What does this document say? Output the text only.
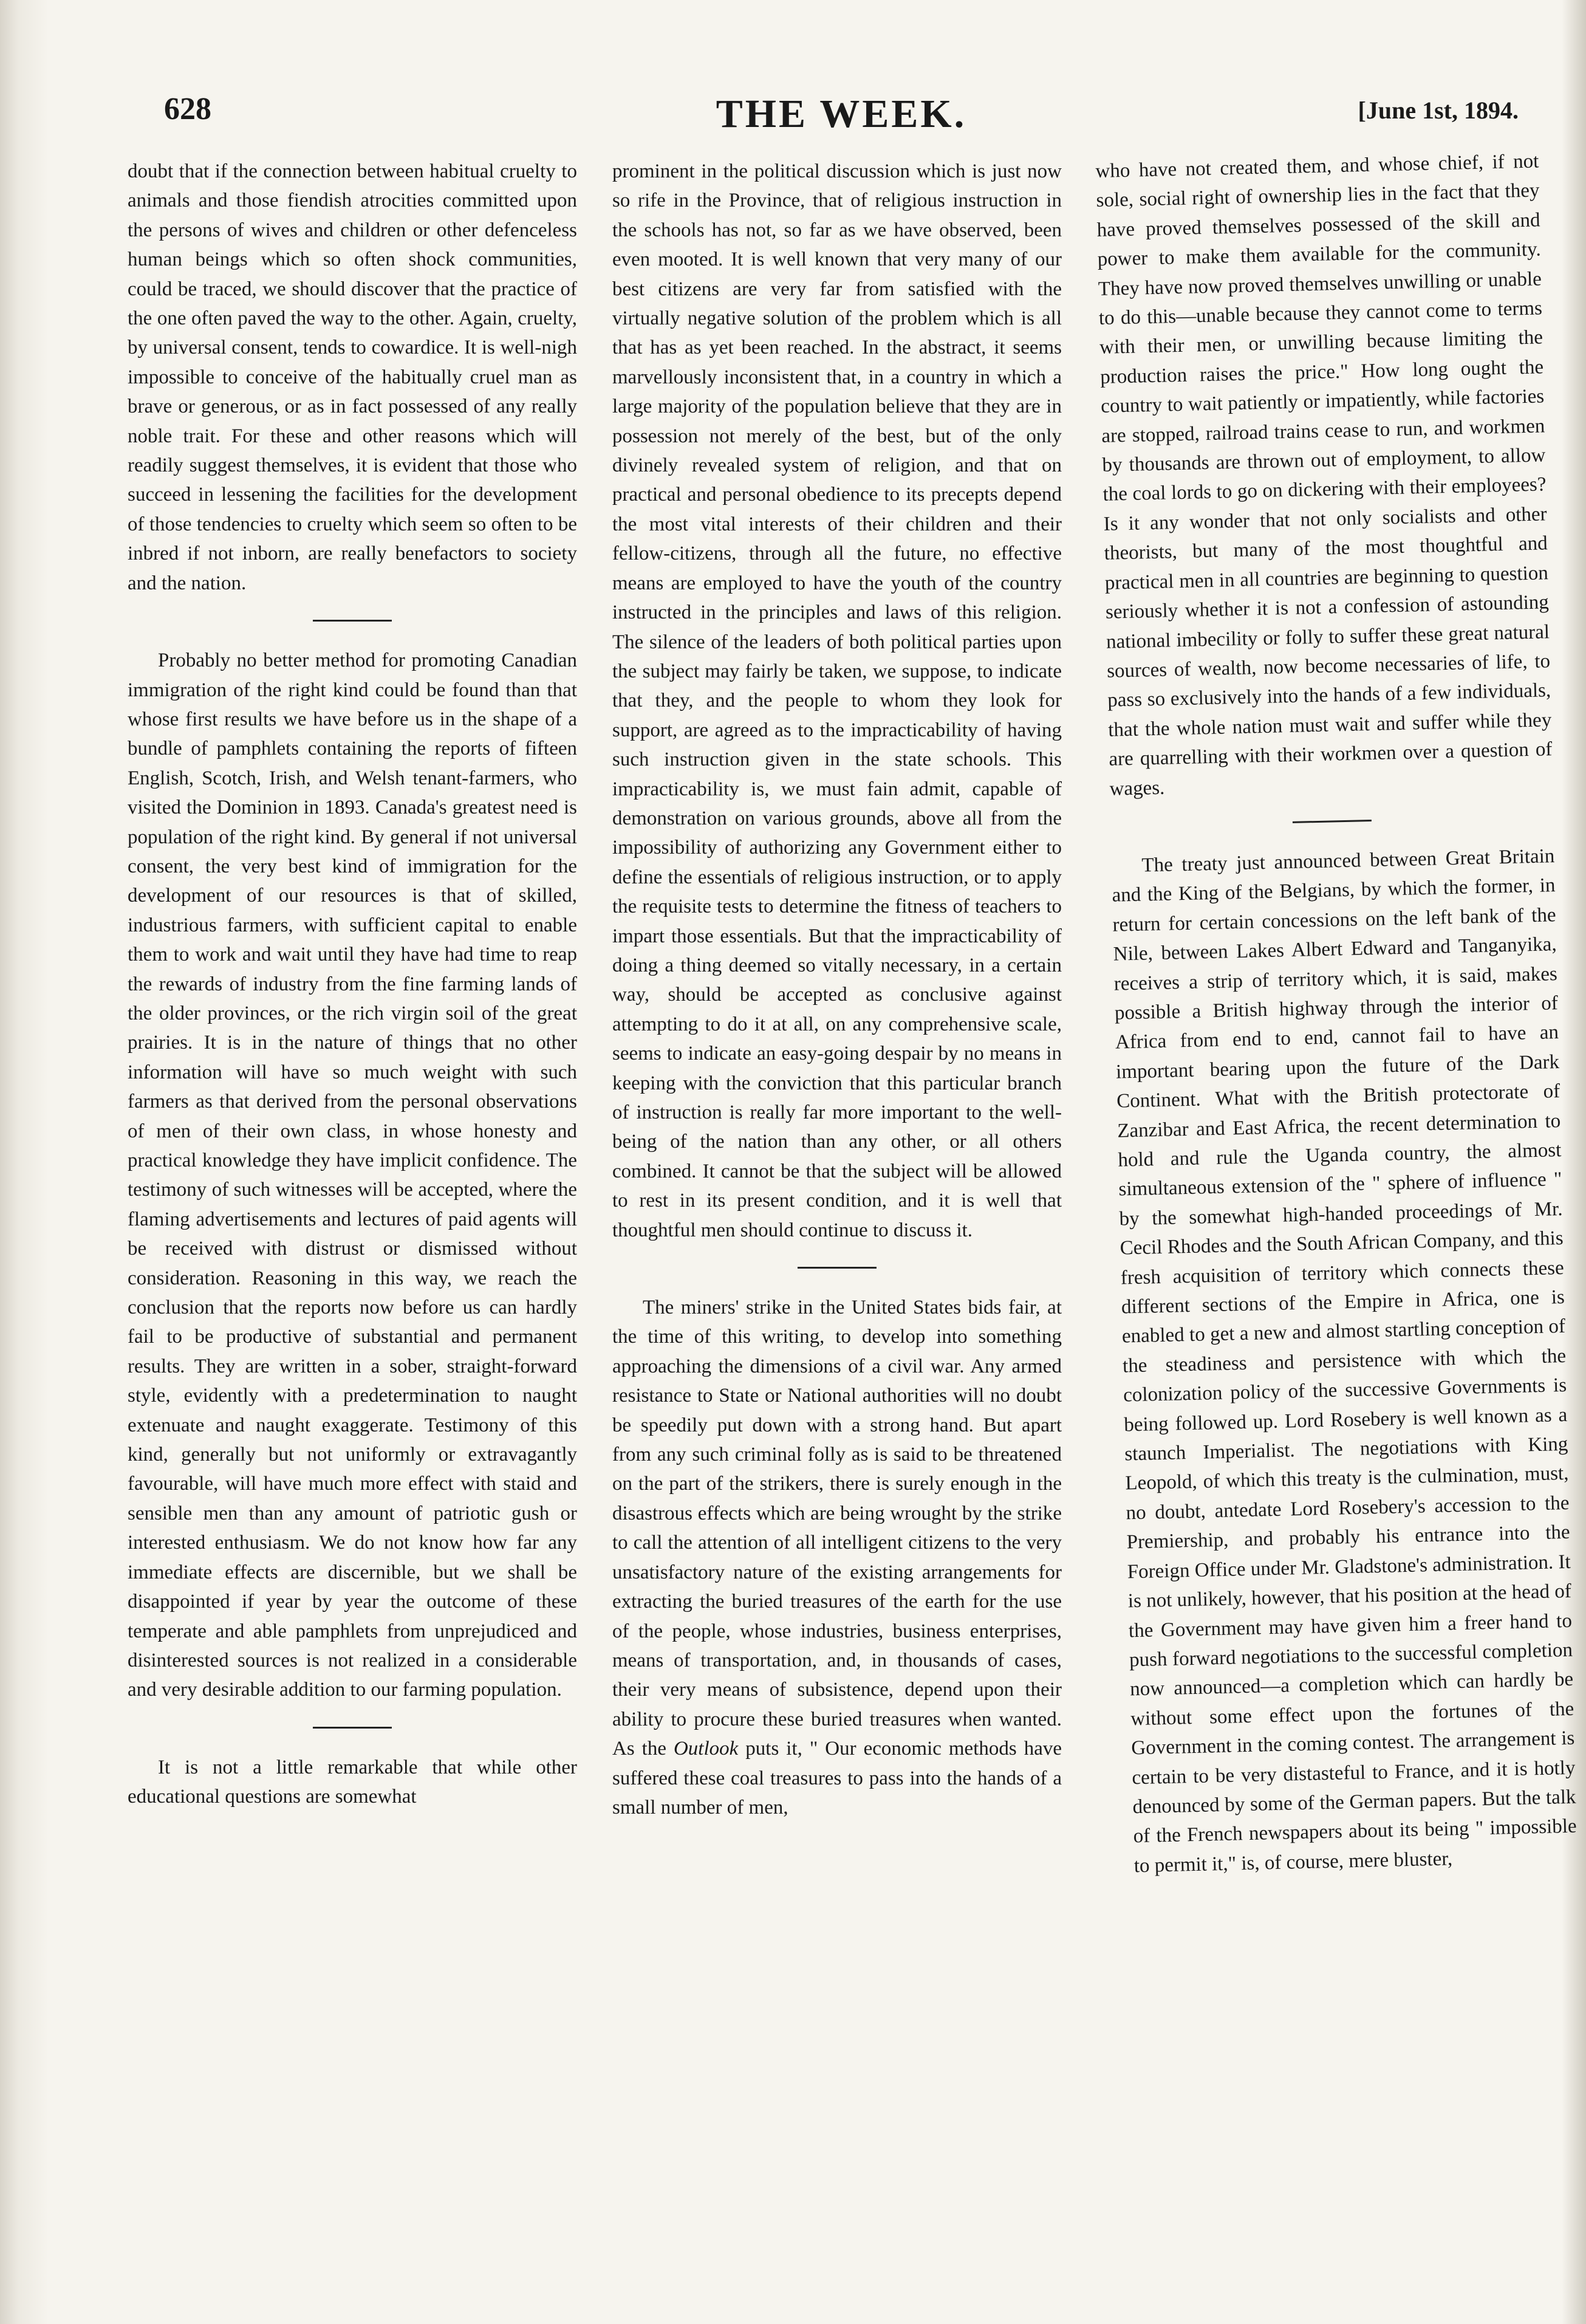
628	THE WEEK.	[June 1st, 1894.

doubt that if the connection between habitual cruelty to animals and those fiendish atrocities committed upon the persons of wives and children or other defenceless human beings which so often shock communities, could be traced, we should discover that the practice of the one often paved the way to the other. Again, cruelty, by universal consent, tends to cowardice. It is well-nigh impossible to conceive of the habitually cruel man as brave or generous, or as in fact possessed of any really noble trait. For these and other reasons which will readily suggest themselves, it is evident that those who succeed in lessening the facilities for the development of those tendencies to cruelty which seem so often to be inbred if not inborn, are really benefactors to society and the nation.

Probably no better method for promoting Canadian immigration of the right kind could be found than that whose first results we have before us in the shape of a bundle of pamphlets containing the reports of fifteen English, Scotch, Irish, and Welsh tenant-farmers, who visited the Dominion in 1893. Canada's greatest need is population of the right kind. By general if not universal consent, the very best kind of immigration for the development of our resources is that of skilled, industrious farmers, with sufficient capital to enable them to work and wait until they have had time to reap the rewards of industry from the fine farming lands of the older provinces, or the rich virgin soil of the great prairies. It is in the nature of things that no other information will have so much weight with such farmers as that derived from the personal observations of men of their own class, in whose honesty and practical knowledge they have implicit confidence. The testimony of such witnesses will be accepted, where the flaming advertisements and lectures of paid agents will be received with distrust or dismissed without consideration. Reasoning in this way, we reach the conclusion that the reports now before us can hardly fail to be productive of substantial and permanent results. They are written in a sober, straight-forward style, evidently with a predetermination to naught extenuate and naught exaggerate. Testimony of this kind, generally but not uniformly or extravagantly favourable, will have much more effect with staid and sensible men than any amount of patriotic gush or interested enthusiasm. We do not know how far any immediate effects are discernible, but we shall be disappointed if year by year the outcome of these temperate and able pamphlets from unprejudiced and disinterested sources is not realized in a considerable and very desirable addition to our farming population.

It is not a little remarkable that while other educational questions are somewhat

prominent in the political discussion which is just now so rife in the Province, that of religious instruction in the schools has not, so far as we have observed, been even mooted. It is well known that very many of our best citizens are very far from satisfied with the virtually negative solution of the problem which is all that has as yet been reached. In the abstract, it seems marvellously inconsistent that, in a country in which a large majority of the population believe that they are in possession not merely of the best, but of the only divinely revealed system of religion, and that on practical and personal obedience to its precepts depend the most vital interests of their children and their fellow-citizens, through all the future, no effective means are employed to have the youth of the country instructed in the principles and laws of this religion. The silence of the leaders of both political parties upon the subject may fairly be taken, we suppose, to indicate that they, and the people to whom they look for support, are agreed as to the impracticability of having such instruction given in the state schools. This impracticability is, we must fain admit, capable of demonstration on various grounds, above all from the impossibility of authorizing any Government either to define the essentials of religious instruction, or to apply the requisite tests to determine the fitness of teachers to impart those essentials. But that the impracticability of doing a thing deemed so vitally necessary, in a certain way, should be accepted as conclusive against attempting to do it at all, on any comprehensive scale, seems to indicate an easy-going despair by no means in keeping with the conviction that this particular branch of instruction is really far more important to the well-being of the nation than any other, or all others combined. It cannot be that the subject will be allowed to rest in its present condition, and it is well that thoughtful men should continue to discuss it.

The miners' strike in the United States bids fair, at the time of this writing, to develop into something approaching the dimensions of a civil war. Any armed resistance to State or National authorities will no doubt be speedily put down with a strong hand. But apart from any such criminal folly as is said to be threatened on the part of the strikers, there is surely enough in the disastrous effects which are being wrought by the strike to call the attention of all intelligent citizens to the very unsatisfactory nature of the existing arrangements for extracting the buried treasures of the earth for the use of the people, whose industries, business enterprises, means of transportation, and, in thousands of cases, their very means of subsistence, depend upon their ability to procure these buried treasures when wanted. As the Outlook puts it, " Our economic methods have suffered these coal treasures to pass into the hands of a small number of men,

who have not created them, and whose chief, if not sole, social right of ownership lies in the fact that they have proved themselves possessed of the skill and power to make them available for the community. They have now proved themselves unwilling or unable to do this—unable because they cannot come to terms with their men, or unwilling because limiting the production raises the price." How long ought the country to wait patiently or impatiently, while factories are stopped, railroad trains cease to run, and workmen by thousands are thrown out of employment, to allow the coal lords to go on dickering with their employees? Is it any wonder that not only socialists and other theorists, but many of the most thoughtful and practical men in all countries are beginning to question seriously whether it is not a confession of astounding national imbecility or folly to suffer these great natural sources of wealth, now become necessaries of life, to pass so exclusively into the hands of a few individuals, that the whole nation must wait and suffer while they are quarrelling with their workmen over a question of wages.

The treaty just announced between Great Britain and the King of the Belgians, by which the former, in return for certain concessions on the left bank of the Nile, between Lakes Albert Edward and Tanganyika, receives a strip of territory which, it is said, makes possible a British highway through the interior of Africa from end to end, cannot fail to have an important bearing upon the future of the Dark Continent. What with the British protectorate of Zanzibar and East Africa, the recent determination to hold and rule the Uganda country, the almost simultaneous extension of the " sphere of influence " by the somewhat high-handed proceedings of Mr. Cecil Rhodes and the South African Company, and this fresh acquisition of territory which connects these different sections of the Empire in Africa, one is enabled to get a new and almost startling conception of the steadiness and persistence with which the colonization policy of the successive Governments is being followed up. Lord Rosebery is well known as a staunch Imperialist. The negotiations with King Leopold, of which this treaty is the culmination, must, no doubt, antedate Lord Rosebery's accession to the Premiership, and probably his entrance into the Foreign Office under Mr. Gladstone's administration. It is not unlikely, however, that his position at the head of the Government may have given him a freer hand to push forward negotiations to the successful completion now announced—a completion which can hardly be without some effect upon the fortunes of the Government in the coming contest. The arrangement is certain to be very distasteful to France, and it is hotly denounced by some of the German papers. But the talk of the French newspapers about its being " impossible to permit it," is, of course, mere bluster,
